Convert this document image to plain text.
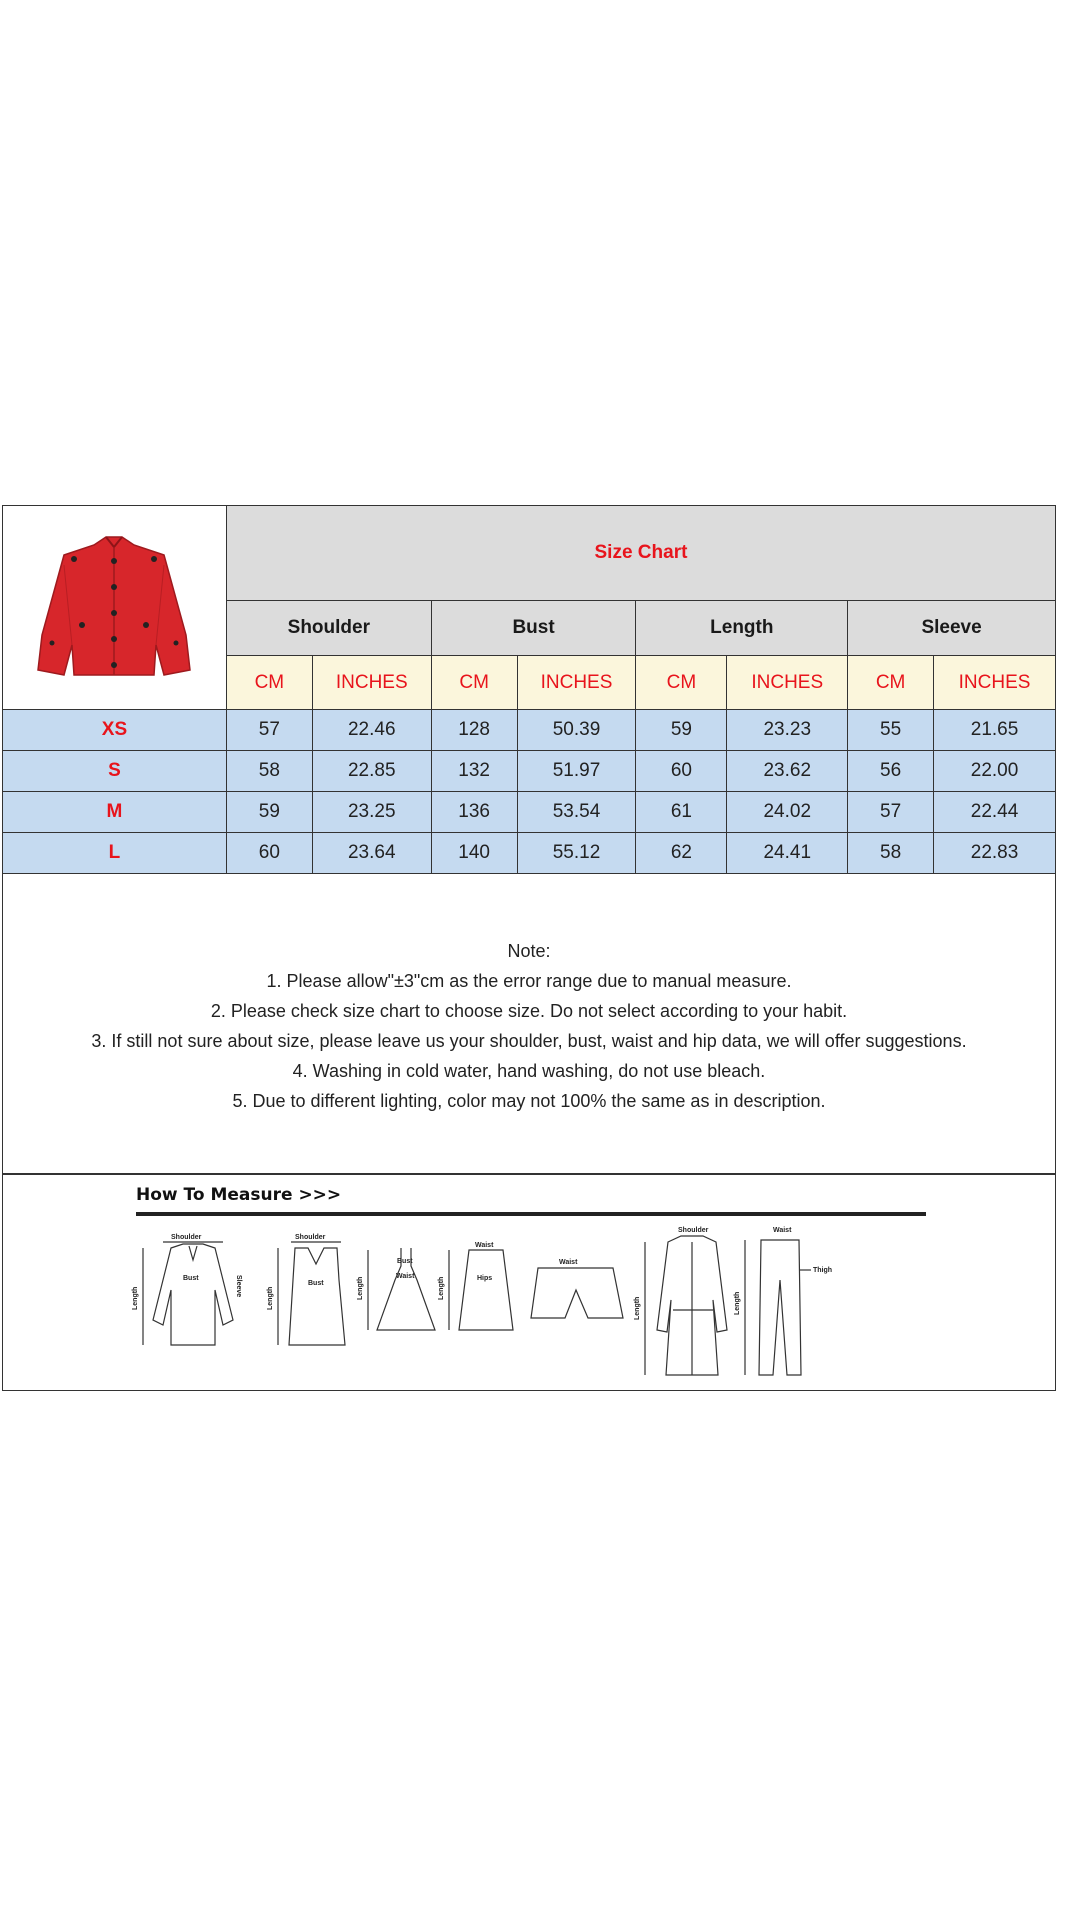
	Size Chart							
	Shoulder		Bust		Length		Sleeve	
	CM	INCHES	CM	INCHES	CM	INCHES	CM	INCHES
XS	57	22.46	128	50.39	59	23.23	55	21.65
S	58	22.85	132	51.97	60	23.62	56	22.00
M	59	23.25	136	53.54	61	24.02	57	22.44
L	60	23.64	140	55.12	62	24.41	58	22.83
Note:
1. Please allow"±3"cm as the error range due to manual measure.
2. Please check size chart to choose size. Do not select according to your habit.
3. If still not sure about size, please leave us your shoulder, bust, waist and hip data, we will offer suggestions.
4. Washing in cold water, hand washing, do not use bleach.
5. Due to different lighting, color may not 100% the same as in description.
How To Measure >>>
Shoulder
Bust
Length
Sleeve
Shoulder
Bust
Length
Bust
Waist
Length
Waist
Hips
Length
Waist
Shoulder
Length
Waist
Thigh
Length
